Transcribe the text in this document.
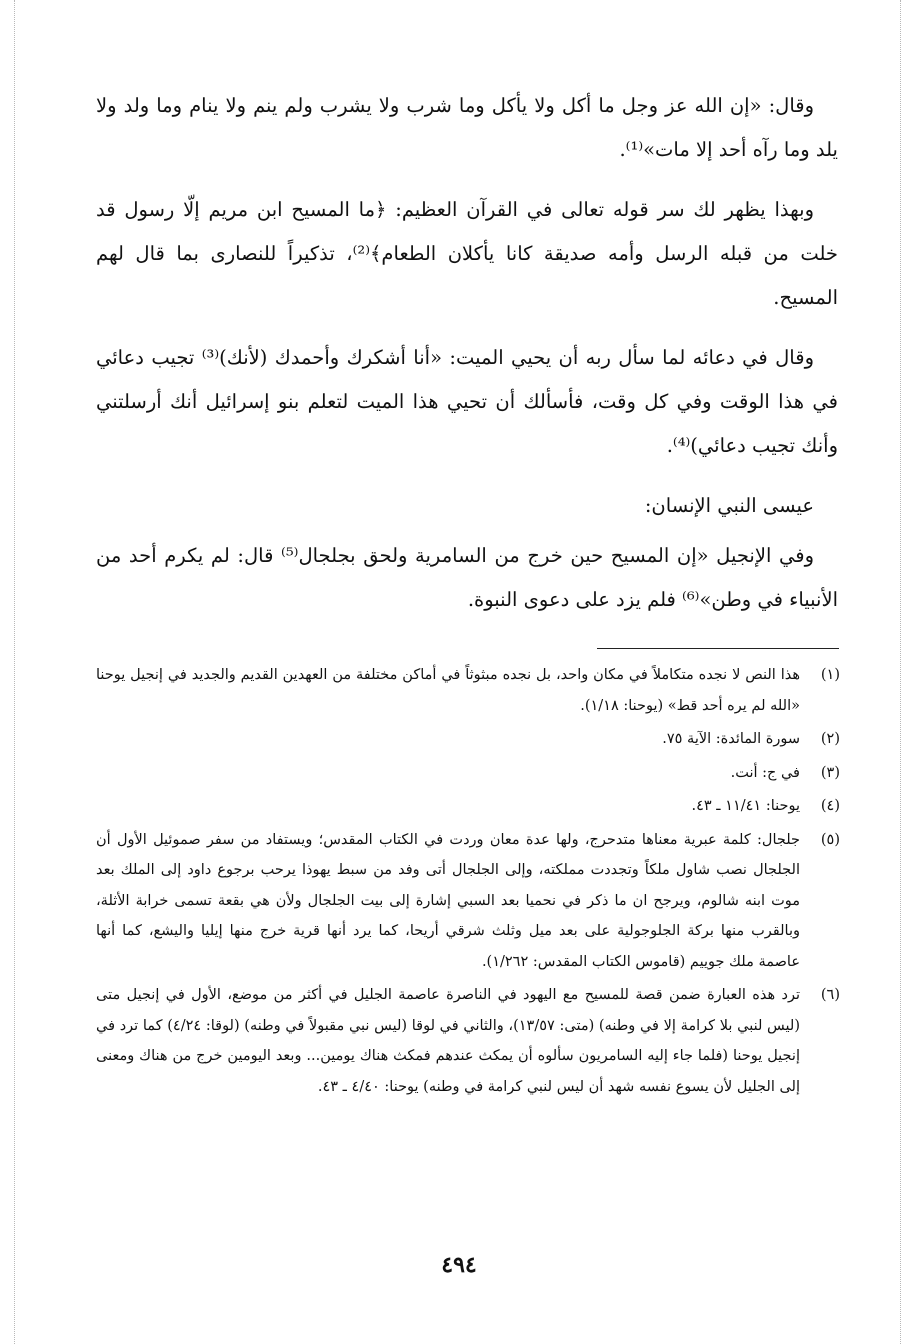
وقال: «إن الله عز وجل ما أكل ولا يأكل وما شرب ولا يشرب ولم ينم ولا ينام وما ولد ولا يلد وما رآه أحد إلا مات»⁽¹⁾.

وبهذا يظهر لك سر قوله تعالى في القرآن العظيم: ﴿ما المسيح ابن مريم إلّا رسول قد خلت من قبله الرسل وأمه صديقة كانا يأكلان الطعام﴾⁽²⁾، تذكيراً للنصارى بما قال لهم المسيح.

وقال في دعائه لما سأل ربه أن يحيي الميت: «أنا أشكرك وأحمدك (لأنك)⁽³⁾ تجيب دعائي في هذا الوقت وفي كل وقت، فأسألك أن تحيي هذا الميت لتعلم بنو إسرائيل أنك أرسلتني وأنك تجيب دعائي)⁽⁴⁾.

عيسى النبي الإنسان:

وفي الإنجيل «إن المسيح حين خرج من السامرية ولحق بجلجال⁽⁵⁾ قال: لم يكرم أحد من الأنبياء في وطن»⁽⁶⁾ فلم يزد على دعوى النبوة.

(١)
هذا النص لا نجده متكاملاً في مكان واحد، بل نجده مبثوثاً في أماكن مختلفة من العهدين القديم والجديد في إنجيل يوحنا «الله لم يره أحد قط» (يوحنا: ١/١٨).
(٢)
سورة المائدة: الآية ٧٥.
(٣)
في ج: أنت.
(٤)
يوحنا: ١١/٤١ ـ ٤٣.
(٥)
جلجال: كلمة عبرية معناها متدحرج، ولها عدة معان وردت في الكتاب المقدس؛ ويستفاد من سفر صموئيل الأول أن الجلجال نصب شاول ملكاً وتجددت مملكته، وإلى الجلجال أتى وفد من سبط يهوذا يرحب برجوع داود إلى الملك بعد موت ابنه شالوم، ويرجح ان ما ذكر في نحميا بعد السبي إشارة إلى بيت الجلجال ولأن هي بقعة تسمى خرابة الأثلة، وبالقرب منها بركة الجلوجولية على بعد ميل وثلث شرقي أريحا، كما يرد أنها قرية خرج منها إيليا واليشع، كما أنها عاصمة ملك جوييم (قاموس الكتاب المقدس: ١/٢٦٢).
(٦)
ترد هذه العبارة ضمن قصة للمسيح مع اليهود في الناصرة عاصمة الجليل في أكثر من موضع، الأول في إنجيل متى (ليس لنبي بلا كرامة إلا في وطنه) (متى: ١٣/٥٧)، والثاني في لوقا (ليس نبي مقبولاً في وطنه) (لوقا: ٤/٢٤) كما ترد في إنجيل يوحنا (فلما جاء إليه السامريون سألوه أن يمكث عندهم فمكث هناك يومين... وبعد اليومين خرج من هناك ومعنى إلى الجليل لأن يسوع نفسه شهد أن ليس لنبي كرامة في وطنه) يوحنا: ٤/٤٠ ـ ٤٣.
٤٩٤
